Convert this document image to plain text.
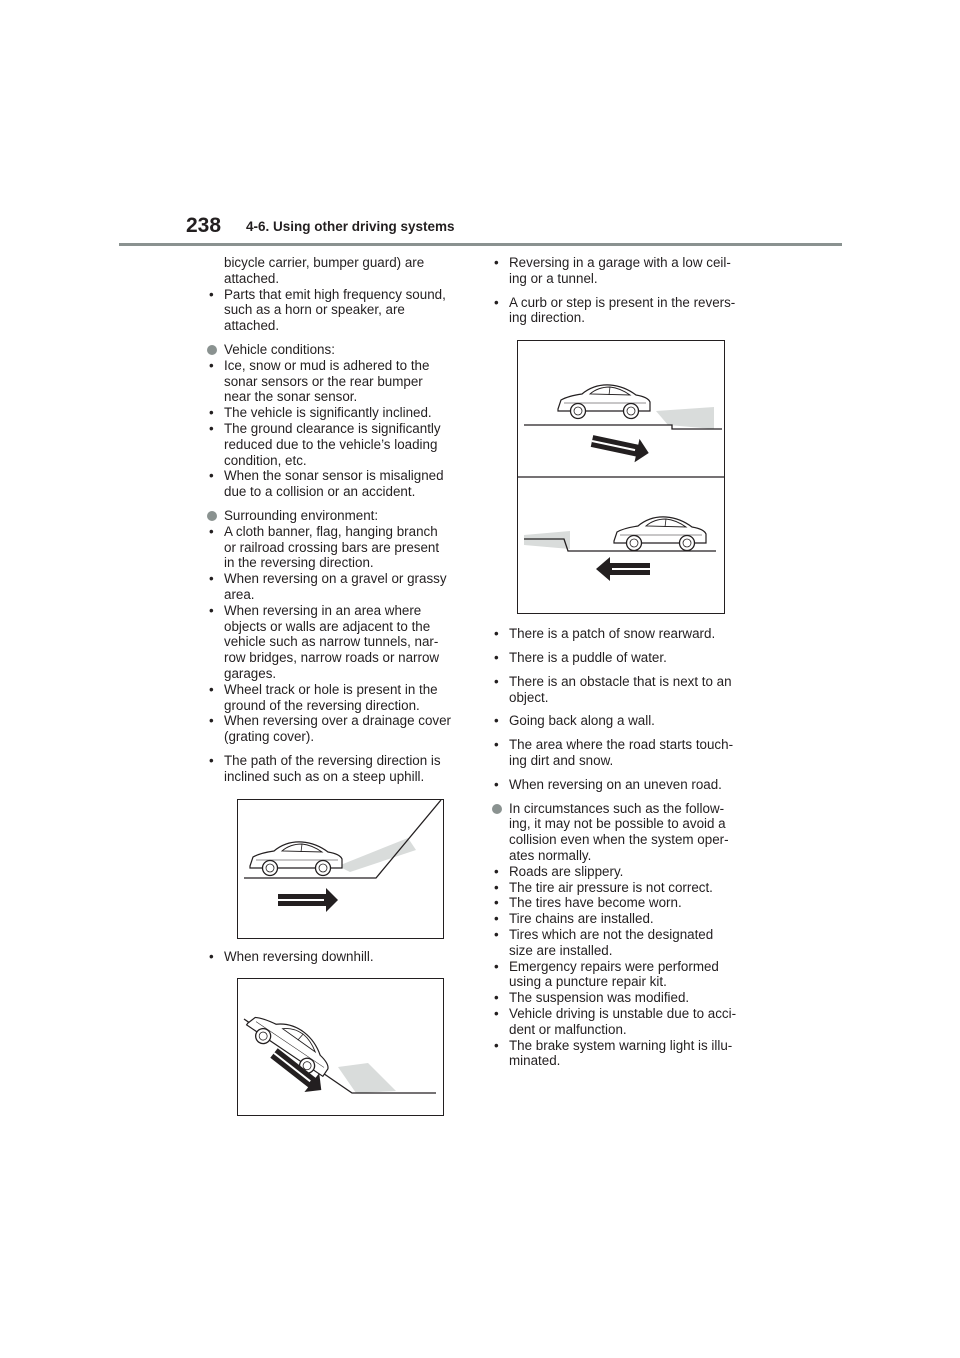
238 4-6. Using other driving systems
bicycle carrier, bumper guard) are
attached.
• Parts that emit high frequency sound,
such as a horn or speaker, are
attached.
Vehicle conditions:
• Ice, snow or mud is adhered to the
sonar sensors or the rear bumper
near the sonar sensor.
• The vehicle is significantly inclined.
• The ground clearance is significantly
reduced due to the vehicle’s loading
condition, etc.
• When the sonar sensor is misaligned
due to a collision or an accident.
Surrounding environment:
• A cloth banner, flag, hanging branch
or railroad crossing bars are present
in the reversing direction.
• When reversing on a gravel or grassy
area.
• When reversing in an area where
objects or walls are adjacent to the
vehicle such as narrow tunnels, nar-
row bridges, narrow roads or narrow
garages.
• Wheel track or hole is present in the
ground of the reversing direction.
• When reversing over a drainage cover
(grating cover).
• The path of the reversing direction is
inclined such as on a steep uphill.
• When reversing downhill.
• Reversing in a garage with a low ceil-
ing or a tunnel.
• A curb or step is present in the revers-
ing direction.
• There is a patch of snow rearward.
• There is a puddle of water.
• There is an obstacle that is next to an
object.
• Going back along a wall.
• The area where the road starts touch-
ing dirt and snow.
• When reversing on an uneven road.
In circumstances such as the follow-
ing, it may not be possible to avoid a
collision even when the system oper-
ates normally.
• Roads are slippery.
• The tire air pressure is not correct.
• The tires have become worn.
• Tire chains are installed.
• Tires which are not the designated
size are installed.
• Emergency repairs were performed
using a puncture repair kit.
• The suspension was modified.
• Vehicle driving is unstable due to acci-
dent or malfunction.
• The brake system warning light is illu-
minated.
